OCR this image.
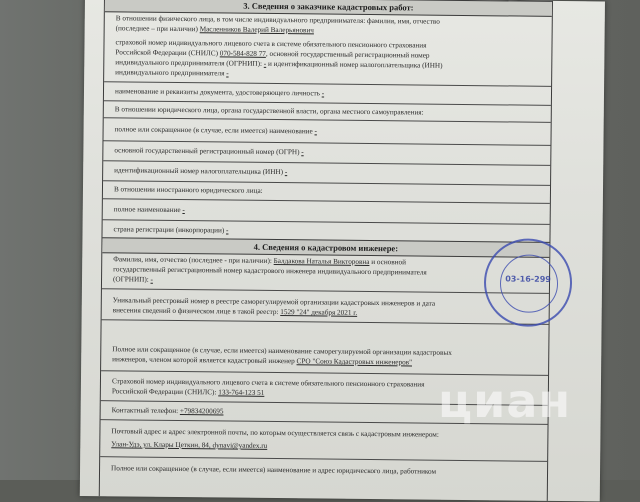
3. Сведения о заказчике кадастровых работ:
В отношении физического лица, в том числе индивидуального предпринимателя: фамилия, имя, отчество
(последнее – при наличии) Масленников Валерий Валерьянович
страховой номер индивидуального лицевого счета в системе обязательного пенсионного страхования
Российской Федерации (СНИЛС) 070-584-828 77, основной государственный регистрационный номер
индивидуального предпринимателя (ОГРНИП): - и идентификационный номер налогоплательщика (ИНН)
индивидуального предпринимателя -
наименование и реквизиты документа, удостоверяющего личность -
В отношении юридического лица, органа государственной власти, органа местного самоуправления:
полное или сокращенное (в случае, если имеется) наименование -
основной государственный регистрационный номер (ОГРН) -
идентификационный номер налогоплательщика (ИНН) -
В отношении иностранного юридического лица:
полное наименование -
страна регистрации (инкорпорации) -
4. Сведения о кадастровом инженере:
Фамилия, имя, отчество (последнее - при наличии): Балдакова Наталья Викторовна и основной
государственный регистрационный номер кадастрового инженера индивидуального предпринимателя
(ОГРНИП): -
Уникальный реестровый номер в реестре саморегулируемой организации кадастровых инженеров и дата
внесения сведений о физическом лице в такой реестр: 1529 "24" декабря 2021 г.
Полное или сокращенное (в случае, если имеется) наименование саморегулируемой организации кадастровых
инженеров, членом которой является кадастровый инженер СРО "Союз Кадастровых инженеров"
Страховой номер индивидуального лицевого счета в системе обязательного пенсионного страхования
Российской Федерации (СНИЛС): 133-764-123 51
Контактный телефон: +79834200695
Почтовый адрес и адрес электронной почты, по которым осуществляется связь с кадастровым инженером:
Улан-Удэ, ул. Клары Цеткин, 84, dynavi@yandex.ru
Полное или сокращенное (в случае, если имеется) наименование и адрес юридического лица, работником
03-16-299
циан
